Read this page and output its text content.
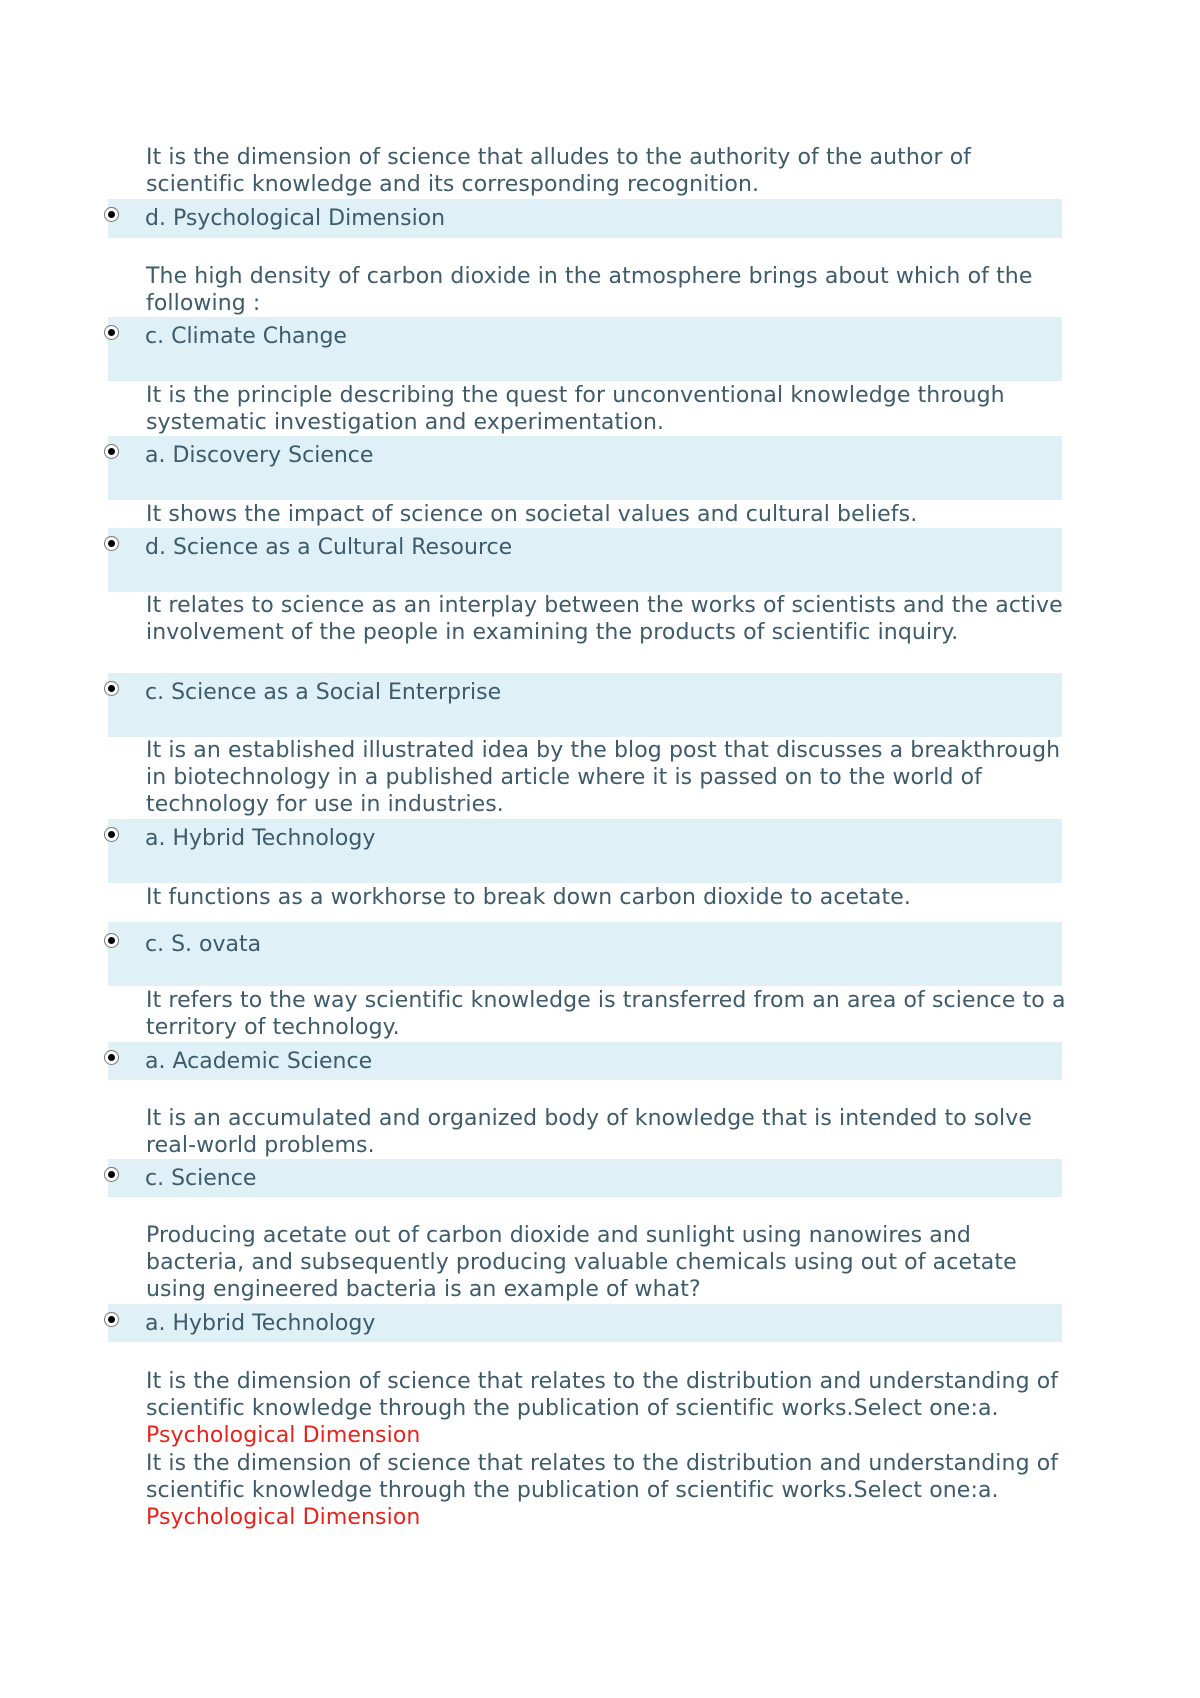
It is the dimension of science that alludes to the authority of the author of scientific knowledge and its corresponding recognition.

d. Psychological Dimension

The high density of carbon dioxide in the atmosphere brings about which of the following :

c. Climate Change

It is the principle describing the quest for unconventional knowledge through systematic investigation and experimentation.

a. Discovery Science

It shows the impact of science on societal values and cultural beliefs.

d. Science as a Cultural Resource

It relates to science as an interplay between the works of scientists and the active involvement of the people in examining the products of scientific inquiry.

c. Science as a Social Enterprise

It is an established illustrated idea by the blog post that discusses a breakthrough in biotechnology in a published article where it is passed on to the world of technology for use in industries.

a. Hybrid Technology

It functions as a workhorse to break down carbon dioxide to acetate.

c. S. ovata

It refers to the way scientific knowledge is transferred from an area of science to a territory of technology.

a. Academic Science

It is an accumulated and organized body of knowledge that is intended to solve real-world problems.

c. Science

Producing acetate out of carbon dioxide and sunlight using nanowires and bacteria, and subsequently producing valuable chemicals using out of acetate using engineered bacteria is an example of what?

a. Hybrid Technology

It is the dimension of science that relates to the distribution and understanding of scientific knowledge through the publication of scientific works.Select one:a. Psychological Dimension

It is the dimension of science that relates to the distribution and understanding of scientific knowledge through the publication of scientific works.Select one:a. Psychological Dimension
